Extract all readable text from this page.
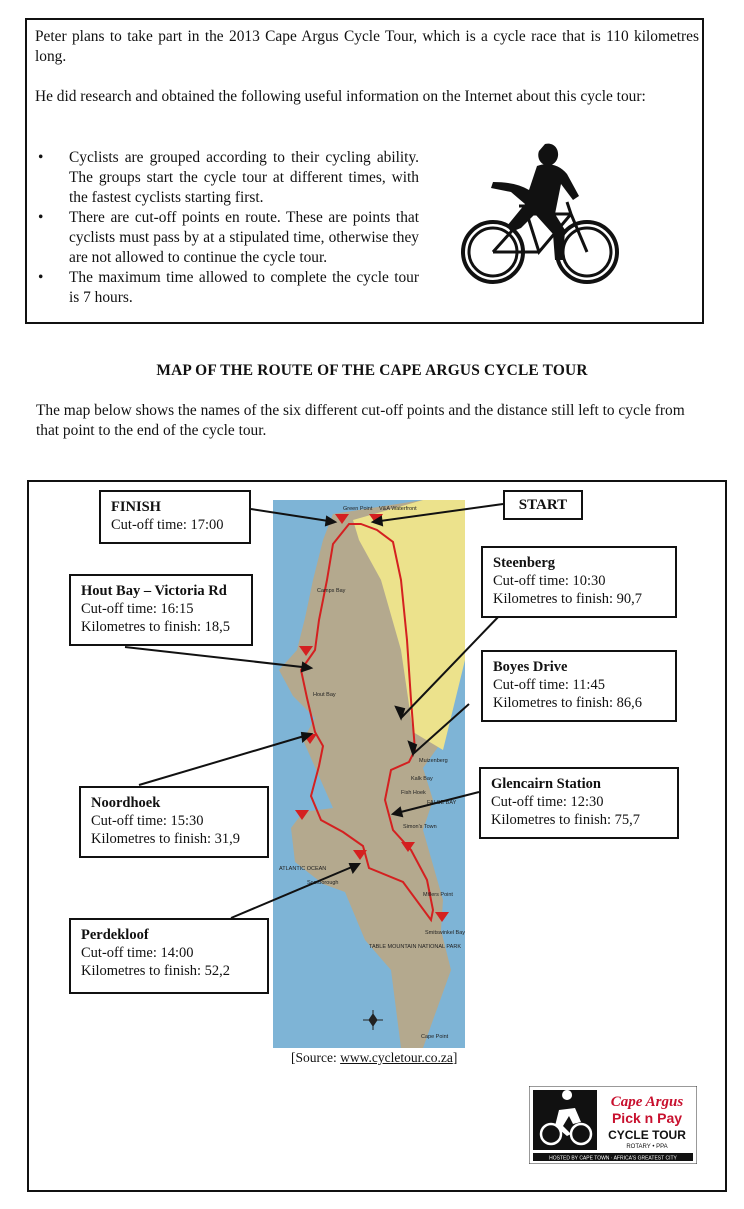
Peter plans to take part in the 2013 Cape Argus Cycle Tour, which is a cycle race that is 110 kilometres long.

He did research and obtained the following useful information on the Internet about this cycle tour:

• Cyclists are grouped according to their cycling ability. The groups start the cycle tour at different times, with the fastest cyclists starting first.
• There are cut-off points en route. These are points that cyclists must pass by at a stipulated time, otherwise they are not allowed to continue the cycle tour.
• The maximum time allowed to complete the cycle tour is 7 hours.
MAP OF THE ROUTE OF THE CAPE ARGUS CYCLE TOUR

The map below shows the names of the six different cut-off points and the distance still left to cycle from that point to the end of the cycle tour.

Green Point V&A Waterfront
Camps Bay
Hout Bay
Muizenberg
Kalk Bay
Fish Hoek
FALSE BAY
Simon's Town
ATLANTIC OCEAN
Scarborough
Millers Point
Smitswinkel Bay
TABLE MOUNTAIN NATIONAL PARK
Cape Point
[Source: www.cycletour.co.za]
FINISH
Cut-off time: 17:00
START
Steenberg
Cut-off time: 10:30
Kilometres to finish: 90,7
Hout Bay – Victoria Rd
Cut-off time: 16:15
Kilometres to finish: 18,5
Boyes Drive
Cut-off time: 11:45
Kilometres to finish: 86,6
Glencairn Station
Cut-off time: 12:30
Kilometres to finish: 75,7
Noordhoek
Cut-off time: 15:30
Kilometres to finish: 31,9
Perdekloof
Cut-off time: 14:00
Kilometres to finish: 52,2
Cape Argus
Pick n Pay
CYCLE TOUR
ROTARY • PPA
HOSTED BY CAPE TOWN · AFRICA'S GREATEST CITY
